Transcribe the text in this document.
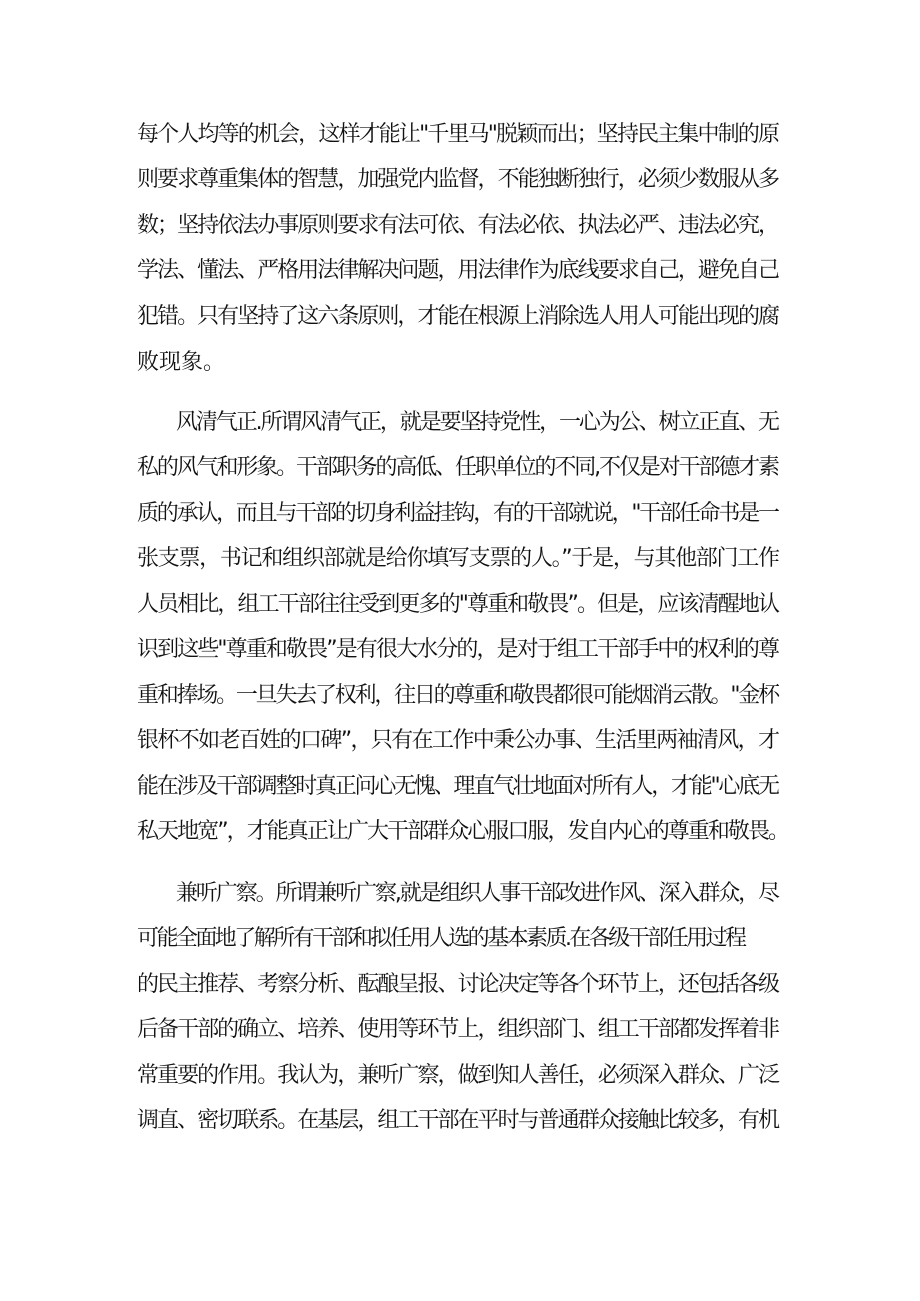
每个人均等的机会，这样才能让"千里马"脱颖而出；坚持民主集中制的原
则要求尊重集体的智慧，加强党内监督，不能独断独行，必须少数服从多
数；坚持依法办事原则要求有法可依、有法必依、执法必严、违法必究，
学法、懂法、严格用法律解决问题，用法律作为底线要求自己，避免自己
犯错。只有坚持了这六条原则，才能在根源上消除选人用人可能出现的腐
败现象。
风清气正.所谓风清气正，就是要坚持党性，一心为公、树立正直、无
私的风气和形象。干部职务的高低、任职单位的不同,不仅是对干部德才素
质的承认，而且与干部的切身利益挂钩，有的干部就说，"干部任命书是一
张支票，书记和组织部就是给你填写支票的人。”于是，与其他部门工作
人员相比，组工干部往往受到更多的"尊重和敬畏”。但是，应该清醒地认
识到这些"尊重和敬畏”是有很大水分的，是对于组工干部手中的权利的尊
重和捧场。一旦失去了权利，往日的尊重和敬畏都很可能烟消云散。"金杯
银杯不如老百姓的口碑”，只有在工作中秉公办事、生活里两袖清风，才
能在涉及干部调整时真正问心无愧、理直气壮地面对所有人，才能"心底无
私天地宽”，才能真正让广大干部群众心服口服，发自内心的尊重和敬畏。
兼听广察。所谓兼听广察,就是组织人事干部改进作风、深入群众，尽
可能全面地了解所有干部和拟任用人选的基本素质.在各级干部任用过程
的民主推荐、考察分析、酝酿呈报、讨论决定等各个环节上，还包括各级
后备干部的确立、培养、使用等环节上，组织部门、组工干部都发挥着非
常重要的作用。我认为，兼听广察，做到知人善任，必须深入群众、广泛
调直、密切联系。在基层，组工干部在平时与普通群众接触比较多，有机
